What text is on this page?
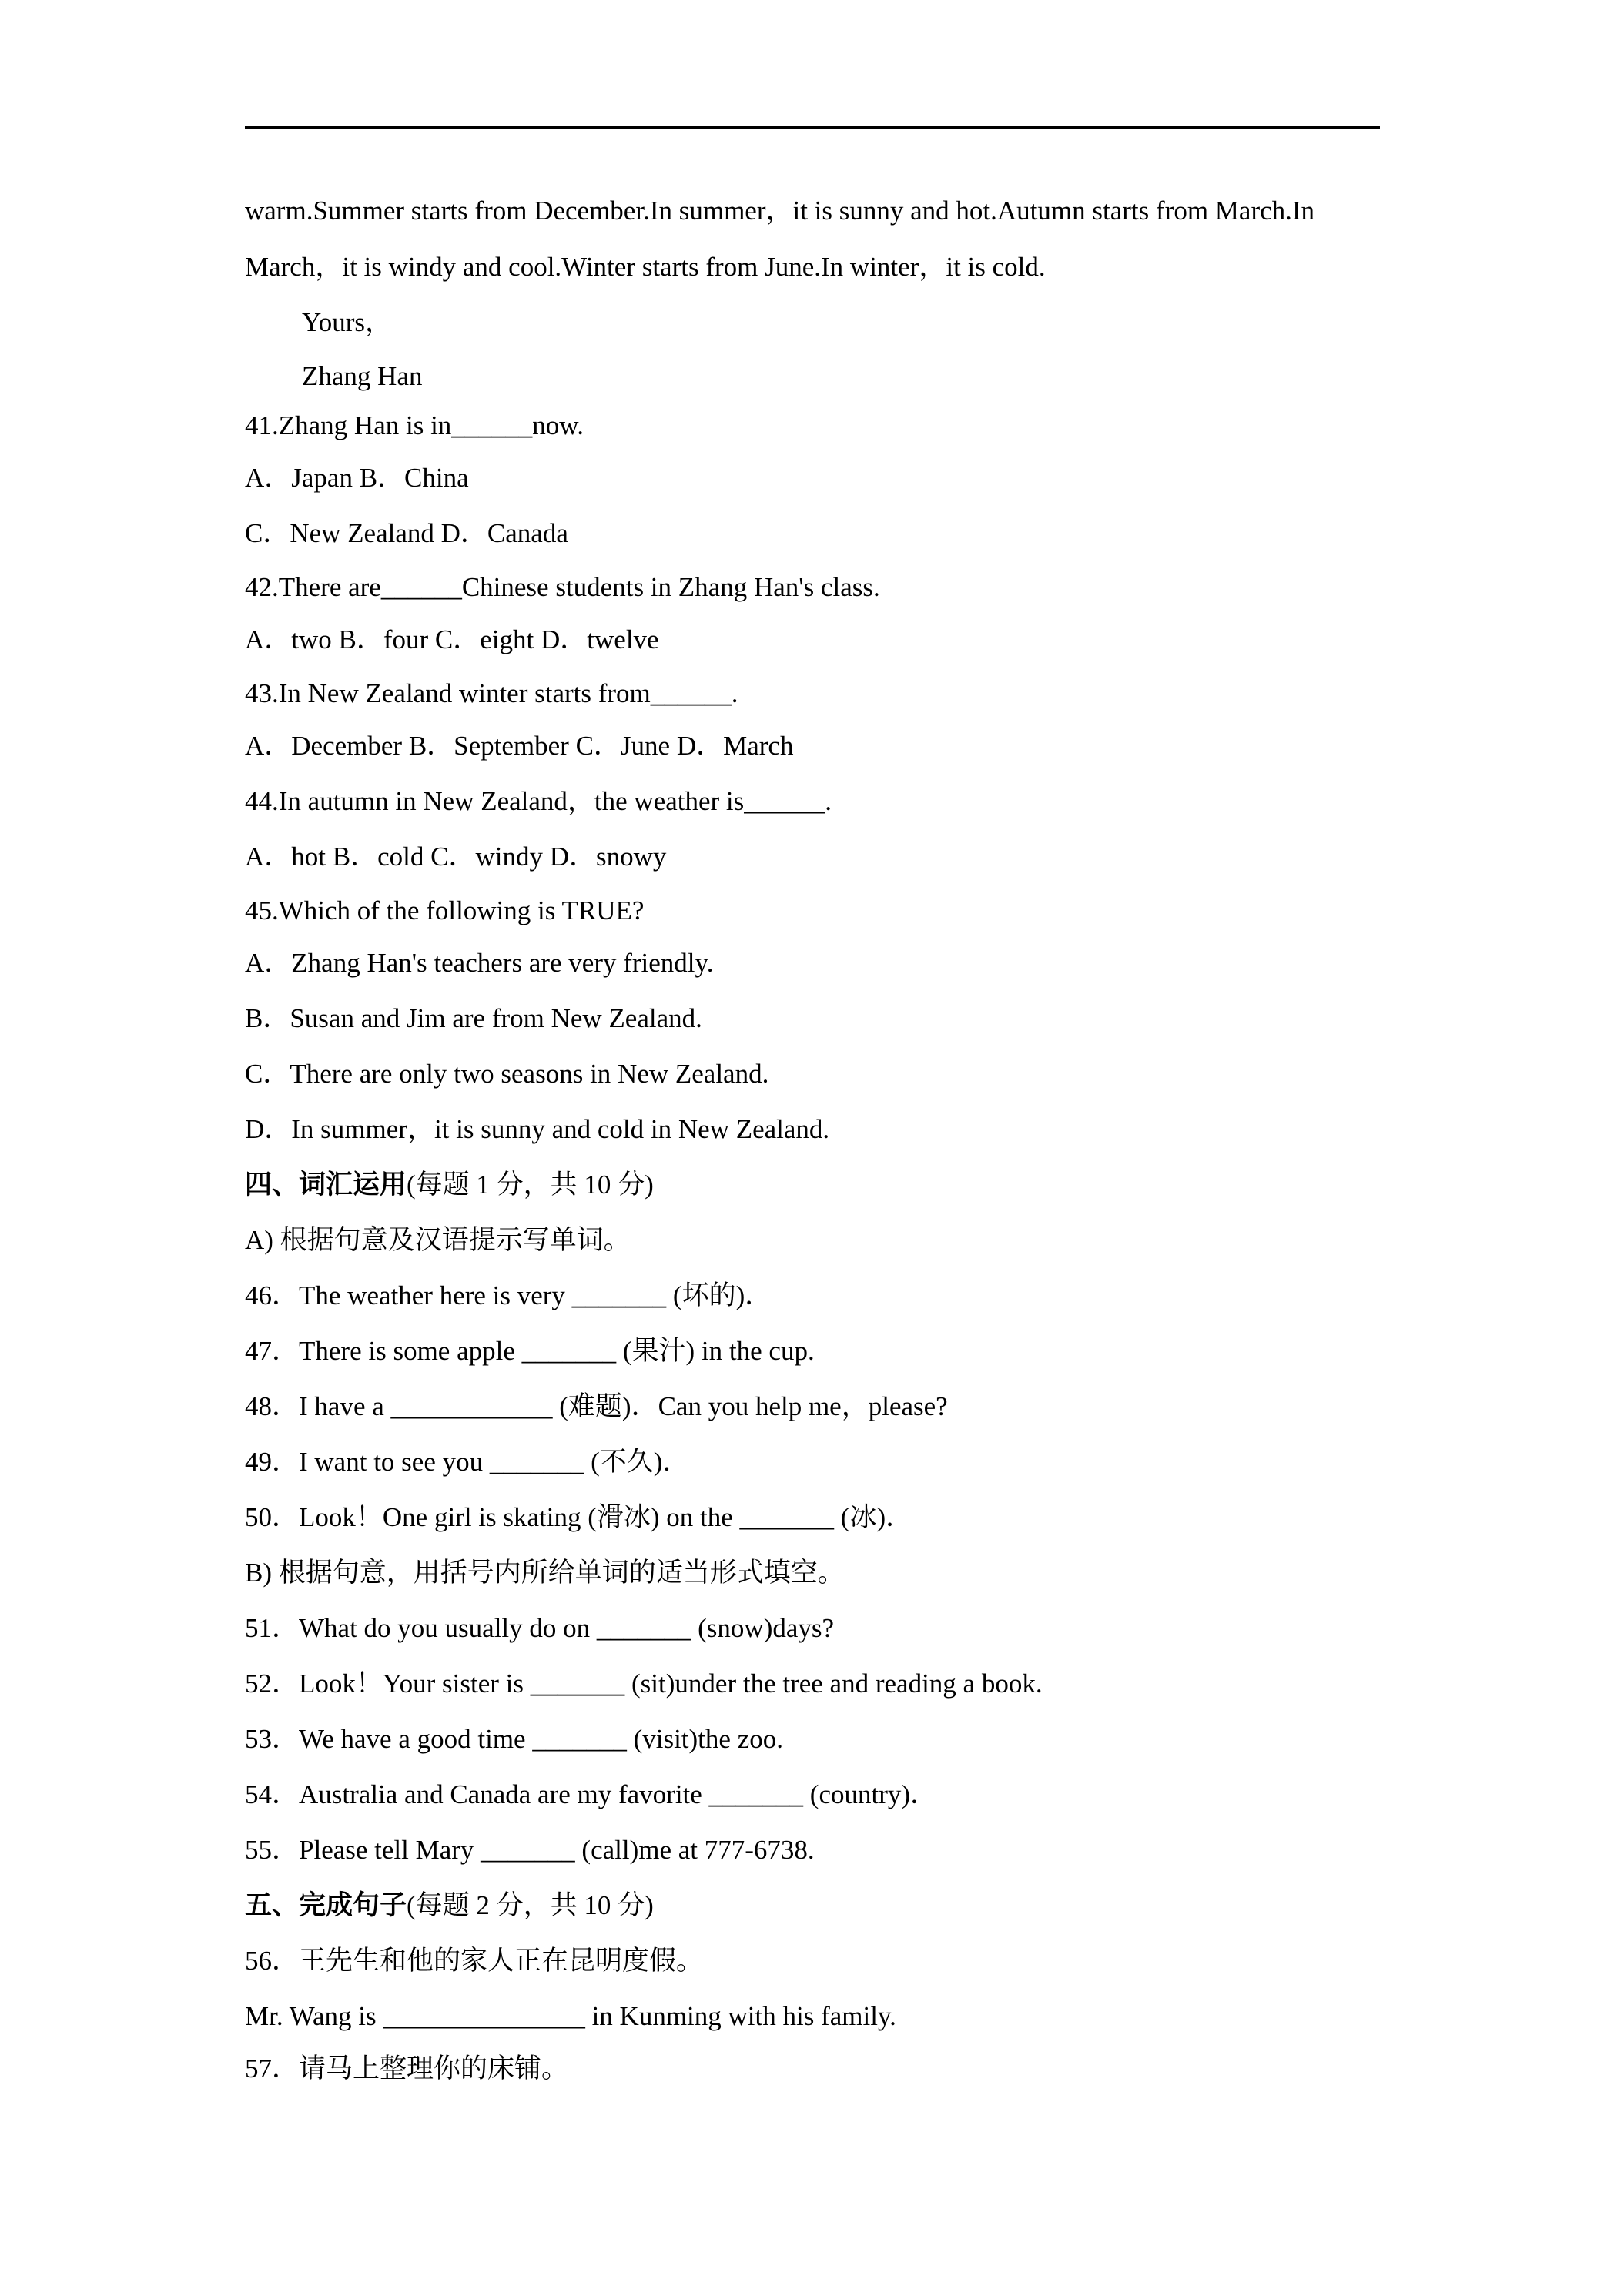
warm.Summer starts from December.In summer，it is sunny and hot.Autumn starts from March.In

March，it is windy and cool.Winter starts from June.In winter，it is cold.

Yours，

Zhang Han

41.Zhang Han is in______now.

A．Japan B．China

C．New Zealand D．Canada

42.There are______Chinese students in Zhang Han's class.

A．two B．four C．eight D．twelve

43.In New Zealand winter starts from______.

A．December B．September C．June D．March

44.In autumn in New Zealand，the weather is______.

A．hot B．cold C．windy D．snowy

45.Which of the following is TRUE?

A．Zhang Han's teachers are very friendly.

B．Susan and Jim are from New Zealand.

C．There are only two seasons in New Zealand.

D．In summer，it is sunny and cold in New Zealand.

四、词汇运用(每题 1 分，共 10 分)

A) 根据句意及汉语提示写单词。

46．The weather here is very _______ (坏的)．

47．There is some apple _______ (果汁) in the cup.

48．I have a ____________ (难题)．Can you help me，please?

49．I want to see you _______ (不久)．

50．Look！One girl is skating (滑冰) on the _______ (冰)．

B) 根据句意，用括号内所给单词的适当形式填空。

51．What do you usually do on _______ (snow)days?

52．Look！Your sister is _______ (sit)under the tree and reading a book.

53．We have a good time _______ (visit)the zoo.

54．Australia and Canada are my favorite _______ (country)．

55．Please tell Mary _______ (call)me at 777-6738.

五、完成句子(每题 2 分，共 10 分)

56．王先生和他的家人正在昆明度假。

Mr. Wang is _______________ in Kunming with his family.

57．请马上整理你的床铺。
